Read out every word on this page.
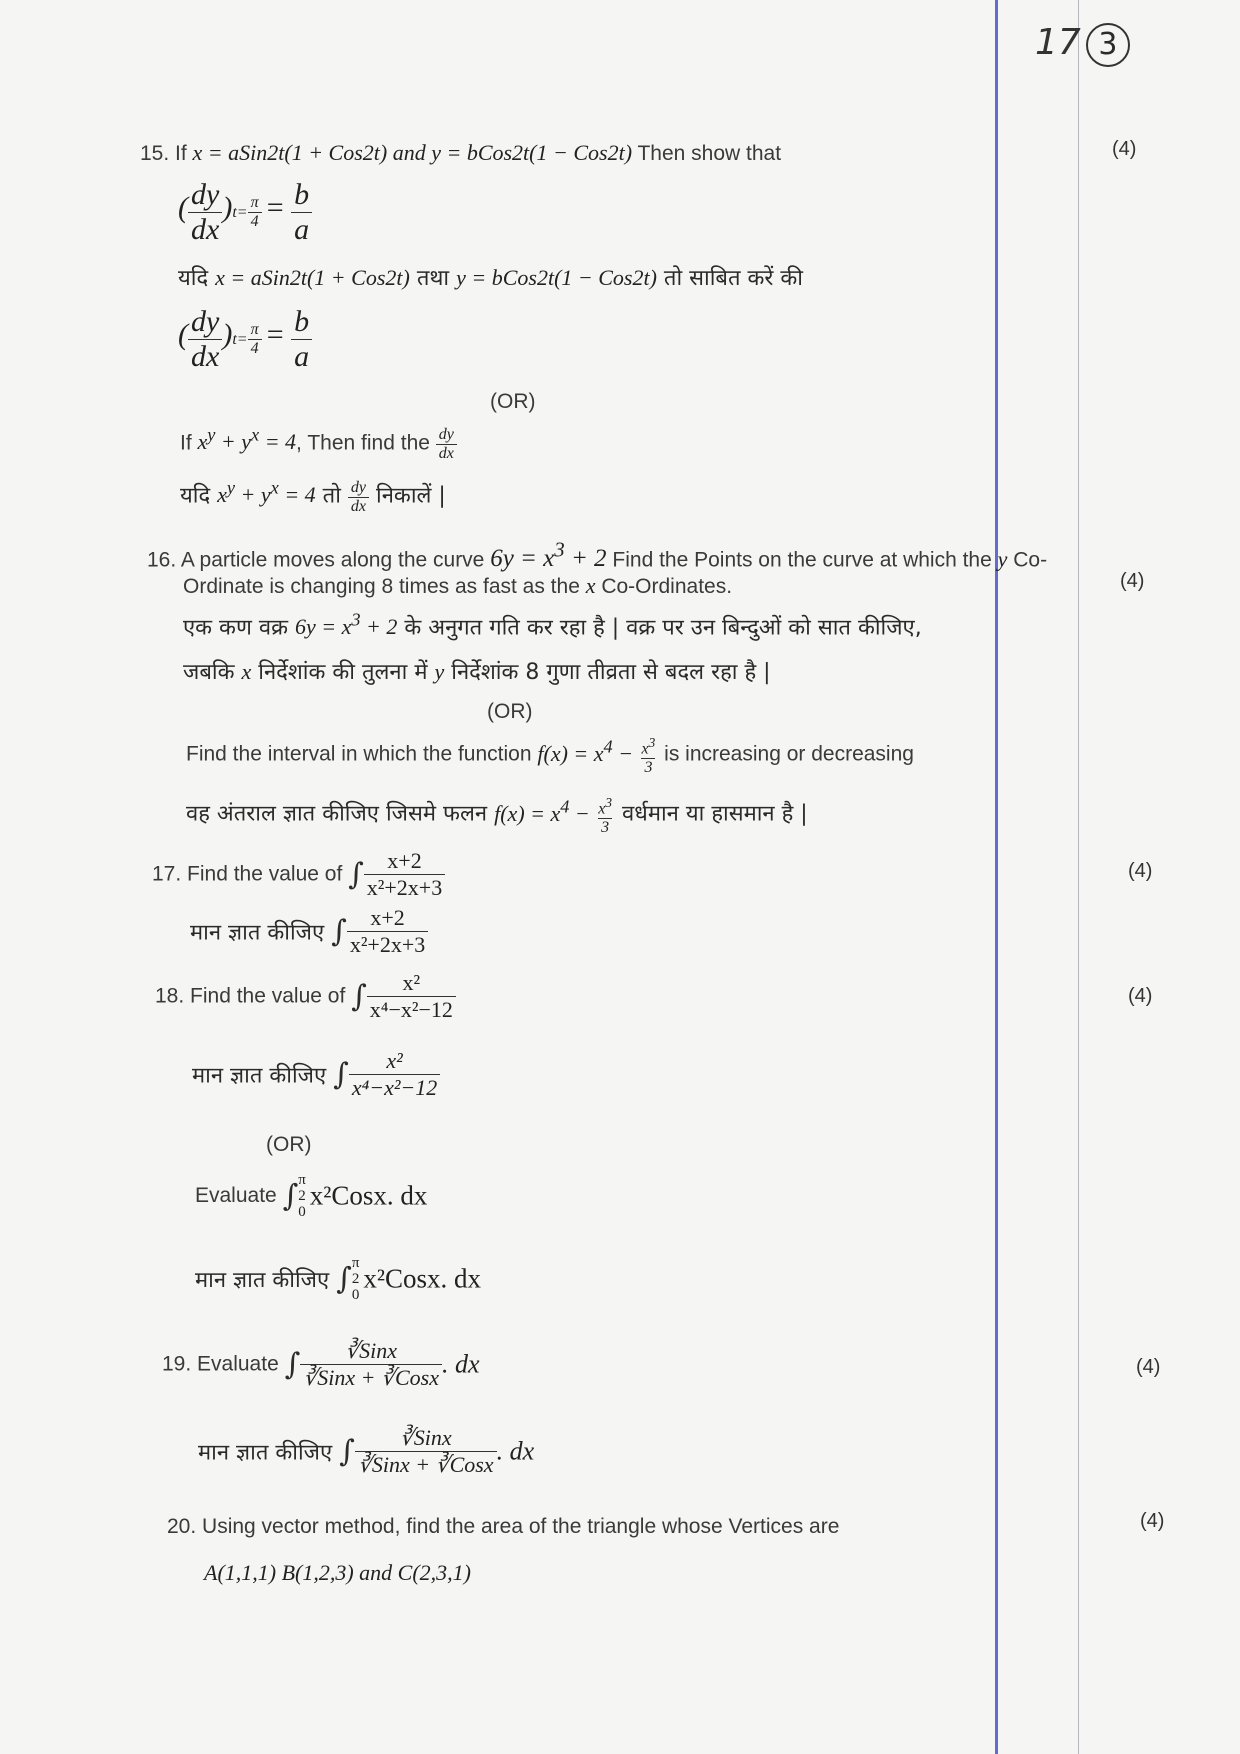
17 3
15. If x = aSin2t(1 + Cos2t) and y = bCos2t(1 − Cos2t) Then show that	(4)
( $\frac{dy}{dx} )t= \frac{\pi}{4} = \frac{b}{a}$
यदि x = aSin2t(1 + Cos2t) तथा y = bCos2t(1 − Cos2t) तो साबित करें की
( $\frac{dy}{dx} )t= \frac{\pi}{4} = \frac{b}{a}$
(OR)
If $x^y + y^x = 4$, Then find the $\frac{dy}{dx}$
यदि $x^y + y^x = 4$ तो $\frac{dy}{dx}$ निकालें |
16. A particle moves along the curve $6y = x^3 + 2$ Find the Points on the curve at which the y Co-
Ordinate is changing 8 times as fast as the x Co-Ordinates.	(4)
एक कण वक्र $6y = x^3 + 2$ के अनुगत गति कर रहा है | वक्र पर उन बिन्दुओं को सात कीजिए,
जबकि x निर्देशांक की तुलना में y निर्देशांक 8 गुणा तीव्रता से बदल रहा है |
(OR)
Find the interval in which the function $f(x) = x^4 - \frac{x^3}{3}$ is increasing or decreasing
वह अंतराल ज्ञात कीजिए जिसमे फलन $f(x) = x^4 - \frac{x^3}{3}$ वर्धमान या हासमान है |
17. Find the value of ∫ $\frac{x+2}{\text{x²+2x+3}}$	(4)
मान ज्ञात कीजिए ∫ $\frac{x+2}{\text{x²+2x+3}}$
18. Find the value of ∫ $\frac{\text{x²}}{\text{x⁴−x²−12}}$	(4)
मान ज्ञात कीजिए ∫ $\frac{\text{x²}}{\text{x⁴−x²−12}}$
(OR)
Evaluate ∫ π
2
0
x²Cosx. dx
मान ज्ञात कीजिए ∫ π
2
0
x²Cosx. dx
19. Evaluate ∫ $\frac{\text{∛Sinx}}{\text{∛Sinx + ∛Cosx}}$ . dx	(4)
मान ज्ञात कीजिए ∫ $\frac{\text{∛Sinx}}{\text{∛Sinx + ∛Cosx}}$ . dx
20. Using vector method, find the area of the triangle whose Vertices are	(4)
A(1,1,1) B(1,2,3) and C(2,3,1)
